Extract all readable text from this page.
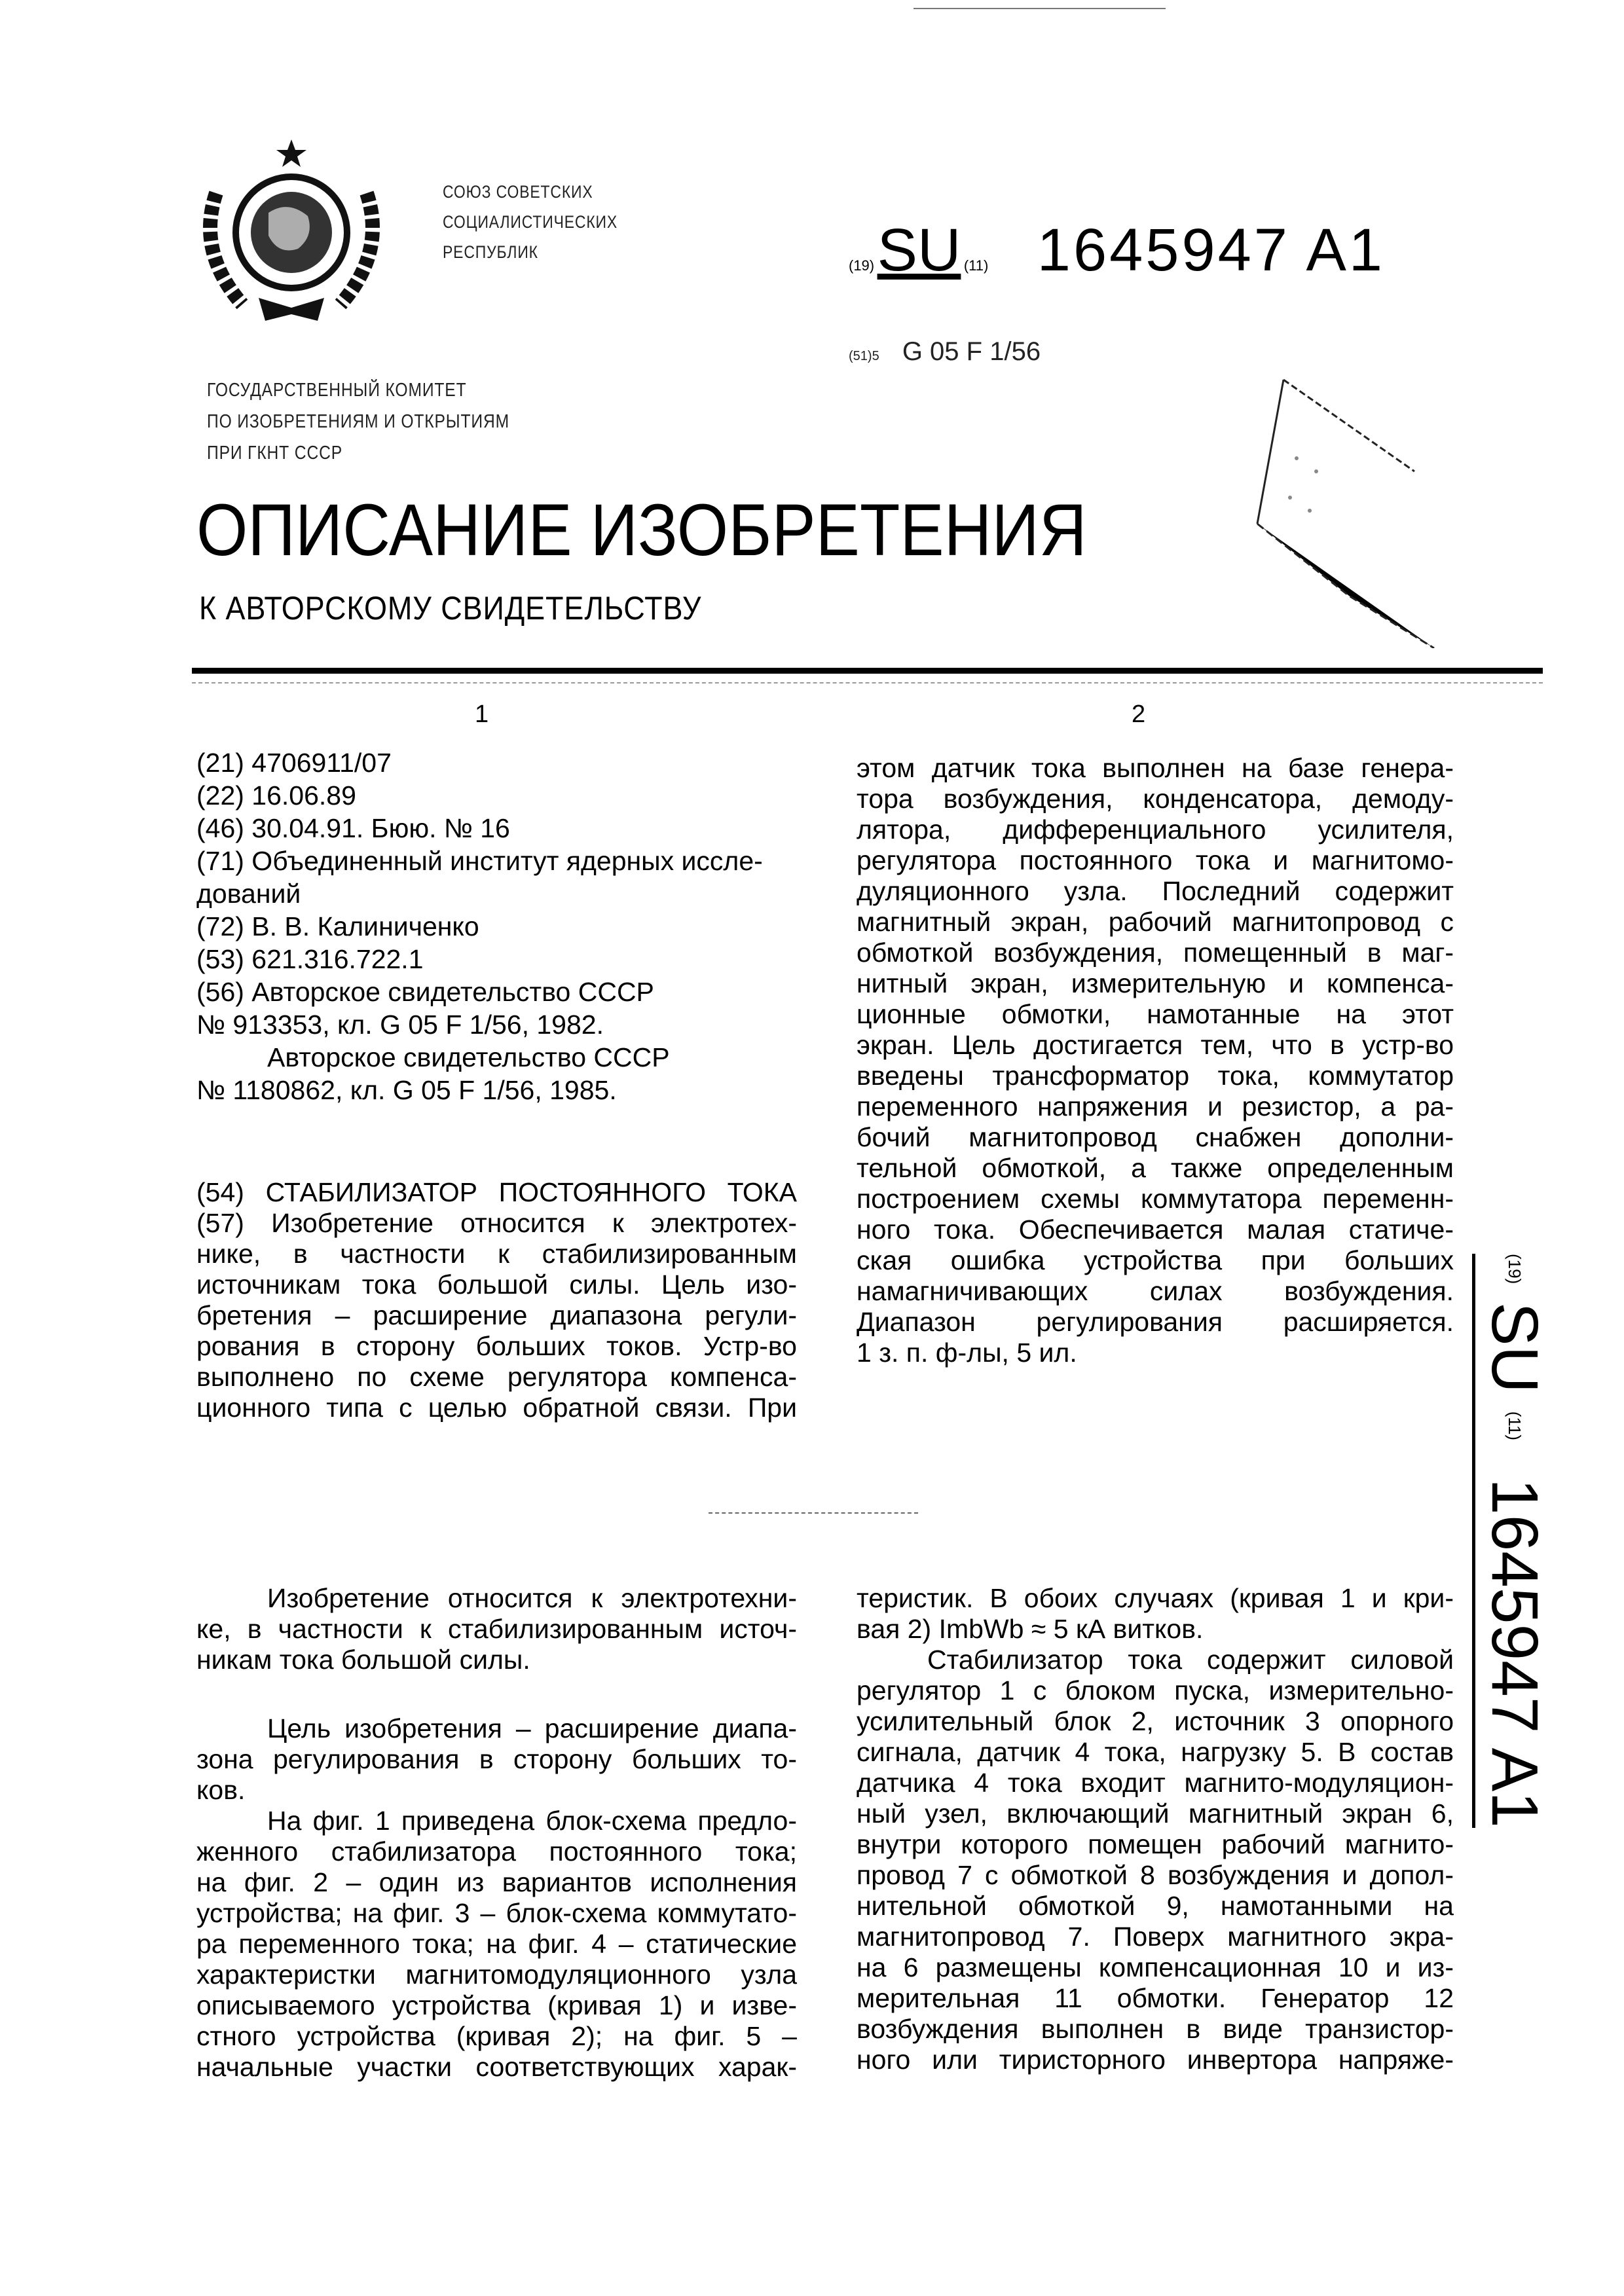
СОЮЗ СОВЕТСКИХ
СОЦИАЛИСТИЧЕСКИХ
РЕСПУБЛИК
(19) SU (11) 1645947 A1
(51)5 G 05 F 1/56
ГОСУДАРСТВЕННЫЙ КОМИТЕТ
ПО ИЗОБРЕТЕНИЯМ И ОТКРЫТИЯМ
ПРИ ГКНТ СССР
ОПИСАНИЕ ИЗОБРЕТЕНИЯ
К АВТОРСКОМУ СВИДЕТЕЛЬСТВУ
1	2
(21) 4706911/07
(22) 16.06.89
(46) 30.04.91. Бюю. № 16
(71) Объединенный институт ядерных иссле-
дований
(72) В. В. Калиниченко
(53) 621.316.722.1
(56) Авторское свидетельство СССР
№ 913353, кл. G 05 F 1/56, 1982.
Авторское свидетельство СССР
№ 1180862, кл. G 05 F 1/56, 1985.
(54) СТАБИЛИЗАТОР ПОСТОЯННОГО ТОКА
(57) Изобретение относится к электротех-
нике, в частности к стабилизированным
источникам тока большой силы. Цель изо-
бретения – расширение диапазона регули-
рования в сторону больших токов. Устр-во
выполнено по схеме регулятора компенса-
ционного типа с целью обратной связи. При
этом датчик тока выполнен на базе генера-
тора возбуждения, конденсатора, демоду-
лятора, дифференциального усилителя,
регулятора постоянного тока и магнитомо-
дуляционного узла. Последний содержит
магнитный экран, рабочий магнитопровод с
обмоткой возбуждения, помещенный в маг-
нитный экран, измерительную и компенса-
ционные обмотки, намотанные на этот
экран. Цель достигается тем, что в устр-во
введены трансформатор тока, коммутатор
переменного напряжения и резистор, а ра-
бочий магнитопровод снабжен дополни-
тельной обмоткой, а также определенным
построением схемы коммутатора переменн-
ного тока. Обеспечивается малая статиче-
ская ошибка устройства при больших
намагничивающих силах возбуждения.
Диапазон регулирования расширяется.
1 з. п. ф-лы, 5 ил.
(19) SU (11) 1645947 A1
Изобретение относится к электротехни-
ке, в частности к стабилизированным источ-
никам тока большой силы.
Цель изобретения – расширение диапа-
зона регулирования в сторону больших то-
ков.
На фиг. 1 приведена блок-схема предло-
женного стабилизатора постоянного тока;
на фиг. 2 – один из вариантов исполнения
устройства; на фиг. 3 – блок-схема коммутато-
ра переменного тока; на фиг. 4 – статические
характеристки магнитомодуляционного узла
описываемого устройства (кривая 1) и изве-
стного устройства (кривая 2); на фиг. 5 –
начальные участки соответствующих харак-
теристик. В обоих случаях (кривая 1 и кри-
вая 2) ImbWb ≈ 5 кА витков.
Стабилизатор тока содержит силовой
регулятор 1 с блоком пуска, измерительно-
усилительный блок 2, источник 3 опорного
сигнала, датчик 4 тока, нагрузку 5. В состав
датчика 4 тока входит магнито-модуляцион-
ный узел, включающий магнитный экран 6,
внутри которого помещен рабочий магнито-
провод 7 с обмоткой 8 возбуждения и допол-
нительной обмоткой 9, намотанными на
магнитопровод 7. Поверх магнитного экра-
на 6 размещены компенсационная 10 и из-
мерительная 11 обмотки. Генератор 12
возбуждения выполнен в виде транзистор-
ного или тиристорного инвертора напряже-
